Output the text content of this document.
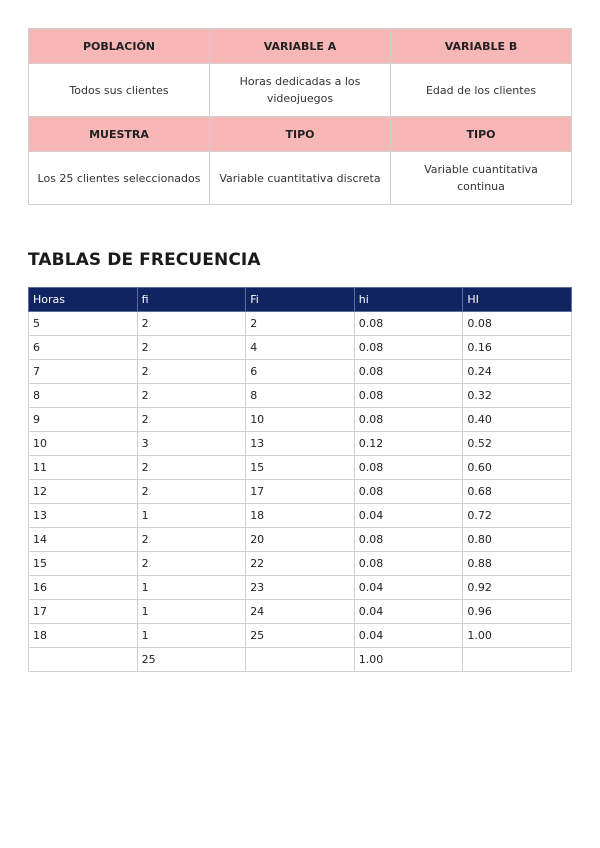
POBLACIÓN	VARIABLE A	VARIABLE B
Todos sus clientes	Horas dedicadas a los videojuegos	Edad de los clientes
MUESTRA	TIPO	TIPO
Los 25 clientes seleccionados	Variable cuantitativa discreta	Variable cuantitativa continua
TABLAS DE FRECUENCIA
Horas	fi	Fi	hi	HI
5	2	2	0.08	0.08
6	2	4	0.08	0.16
7	2	6	0.08	0.24
8	2	8	0.08	0.32
9	2	10	0.08	0.40
10	3	13	0.12	0.52
11	2	15	0.08	0.60
12	2	17	0.08	0.68
13	1	18	0.04	0.72
14	2	20	0.08	0.80
15	2	22	0.08	0.88
16	1	23	0.04	0.92
17	1	24	0.04	0.96
18	1	25	0.04	1.00
	25		1.00	
